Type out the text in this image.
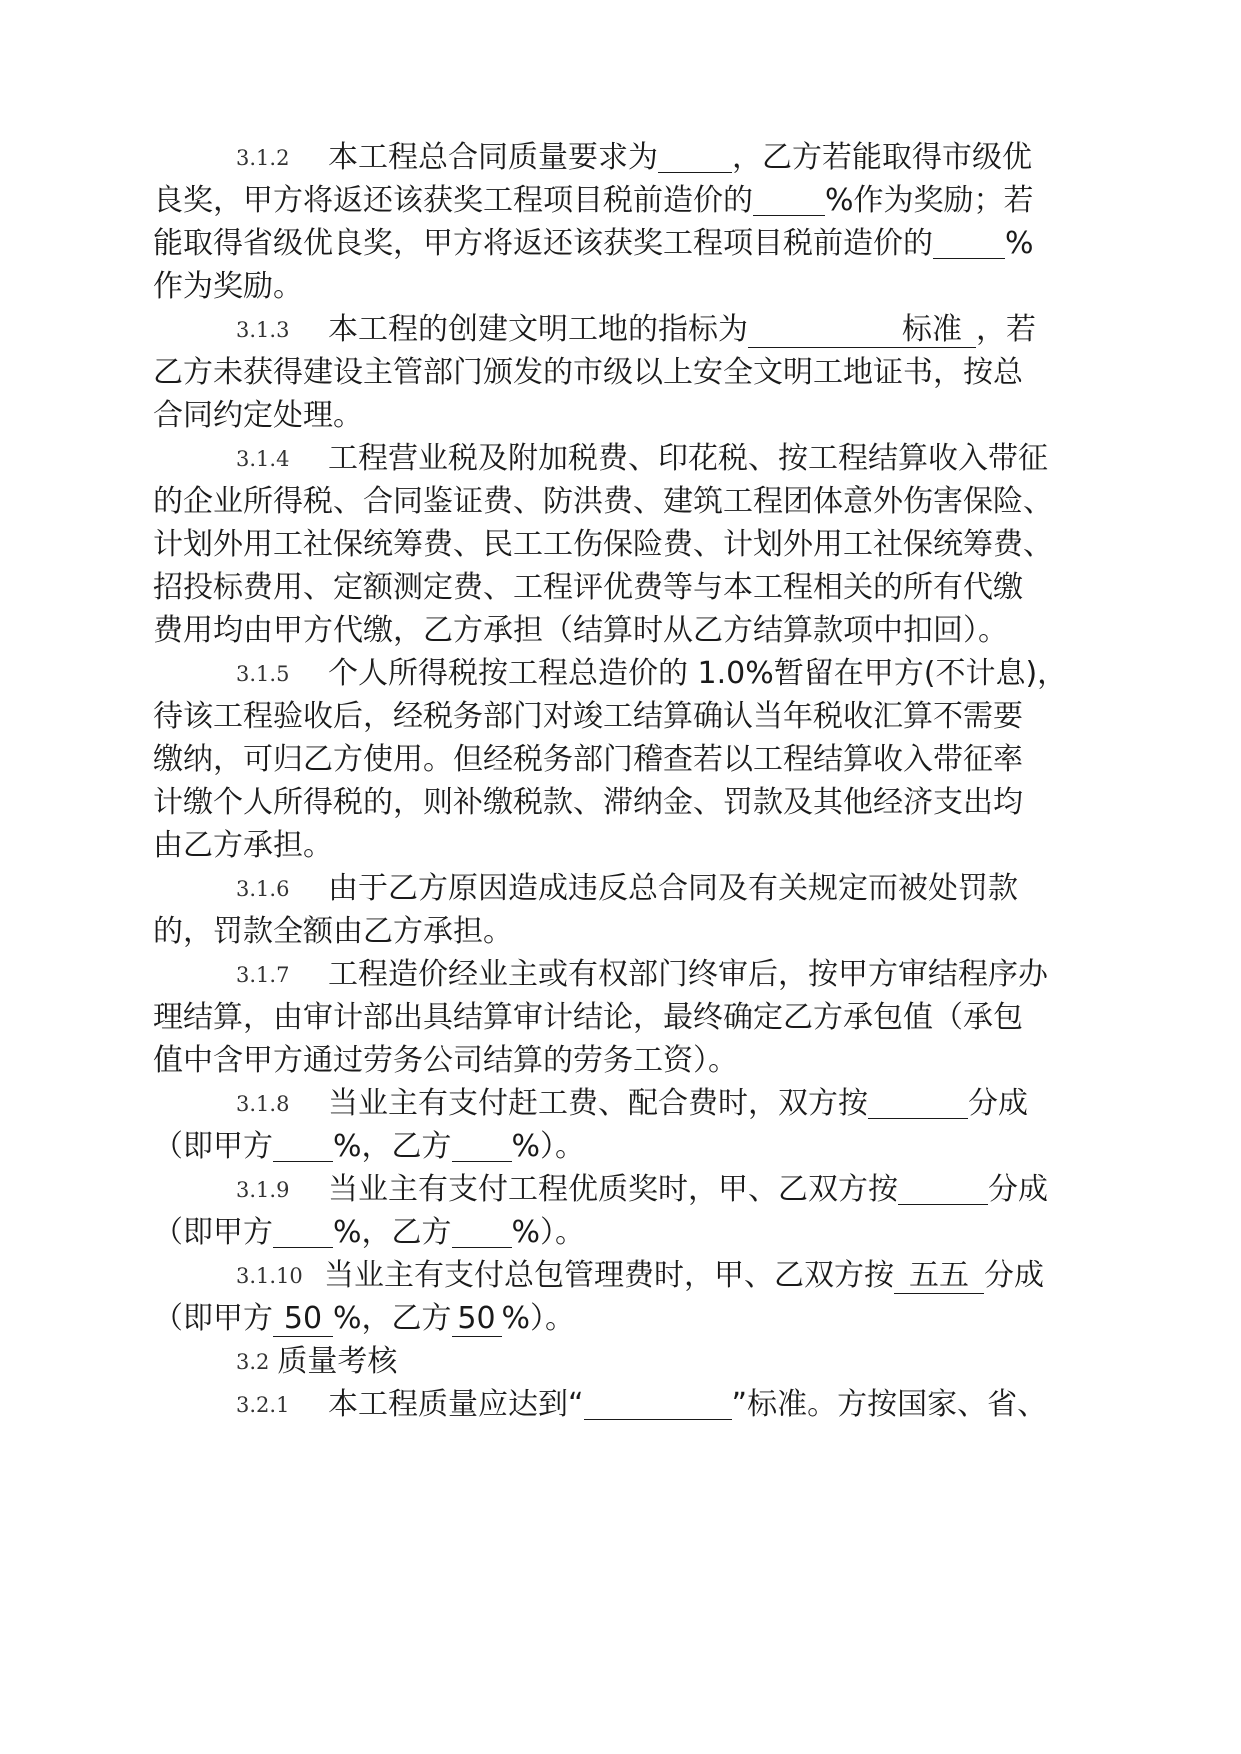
3.1.2 本工程总合同质量要求为 ，乙方若能取得市级优
良奖，甲方将返还该获奖工程项目税前造价的 %作为奖励；若
能取得省级优良奖，甲方将返还该获奖工程项目税前造价的 %
作为奖励。
3.1.3 本工程的创建文明工地的指标为	标准 ，若
乙方未获得建设主管部门颁发的市级以上安全文明工地证书，按总
合同约定处理。
3.1.4 工程营业税及附加税费、印花税、按工程结算收入带征
的企业所得税、合同鉴证费、防洪费、建筑工程团体意外伤害保险、
计划外用工社保统筹费、民工工伤保险费、计划外用工社保统筹费、
招投标费用、定额测定费、工程评优费等与本工程相关的所有代缴
费用均由甲方代缴，乙方承担（结算时从乙方结算款项中扣回）。
3.1.5 个人所得税按工程总造价的 1.0%暂留在甲方(不计息)，
待该工程验收后，经税务部门对竣工结算确认当年税收汇算不需要
缴纳，可归乙方使用。但经税务部门稽查若以工程结算收入带征率
计缴个人所得税的，则补缴税款、滞纳金、罚款及其他经济支出均
由乙方承担。
3.1.6 由于乙方原因造成违反总合同及有关规定而被处罚款
的，罚款全额由乙方承担。
3.1.7 工程造价经业主或有权部门终审后，按甲方审结程序办
理结算，由审计部出具结算审计结论，最终确定乙方承包值（承包
值中含甲方通过劳务公司结算的劳务工资）。
3.1.8 当业主有支付赶工费、配合费时，双方按	分成
（即甲方 %，乙方 %）。
3.1.9 当业主有支付工程优质奖时，甲、乙双方按	分成
（即甲方 %，乙方 %）。
3.1.10 当业主有支付总包管理费时，甲、乙双方按 五五 分成
（即甲方 50 %，乙方 50 %）。
3.2 质量考核
3.2.1 本工程质量应达到“	”标准。方按国家、省、
